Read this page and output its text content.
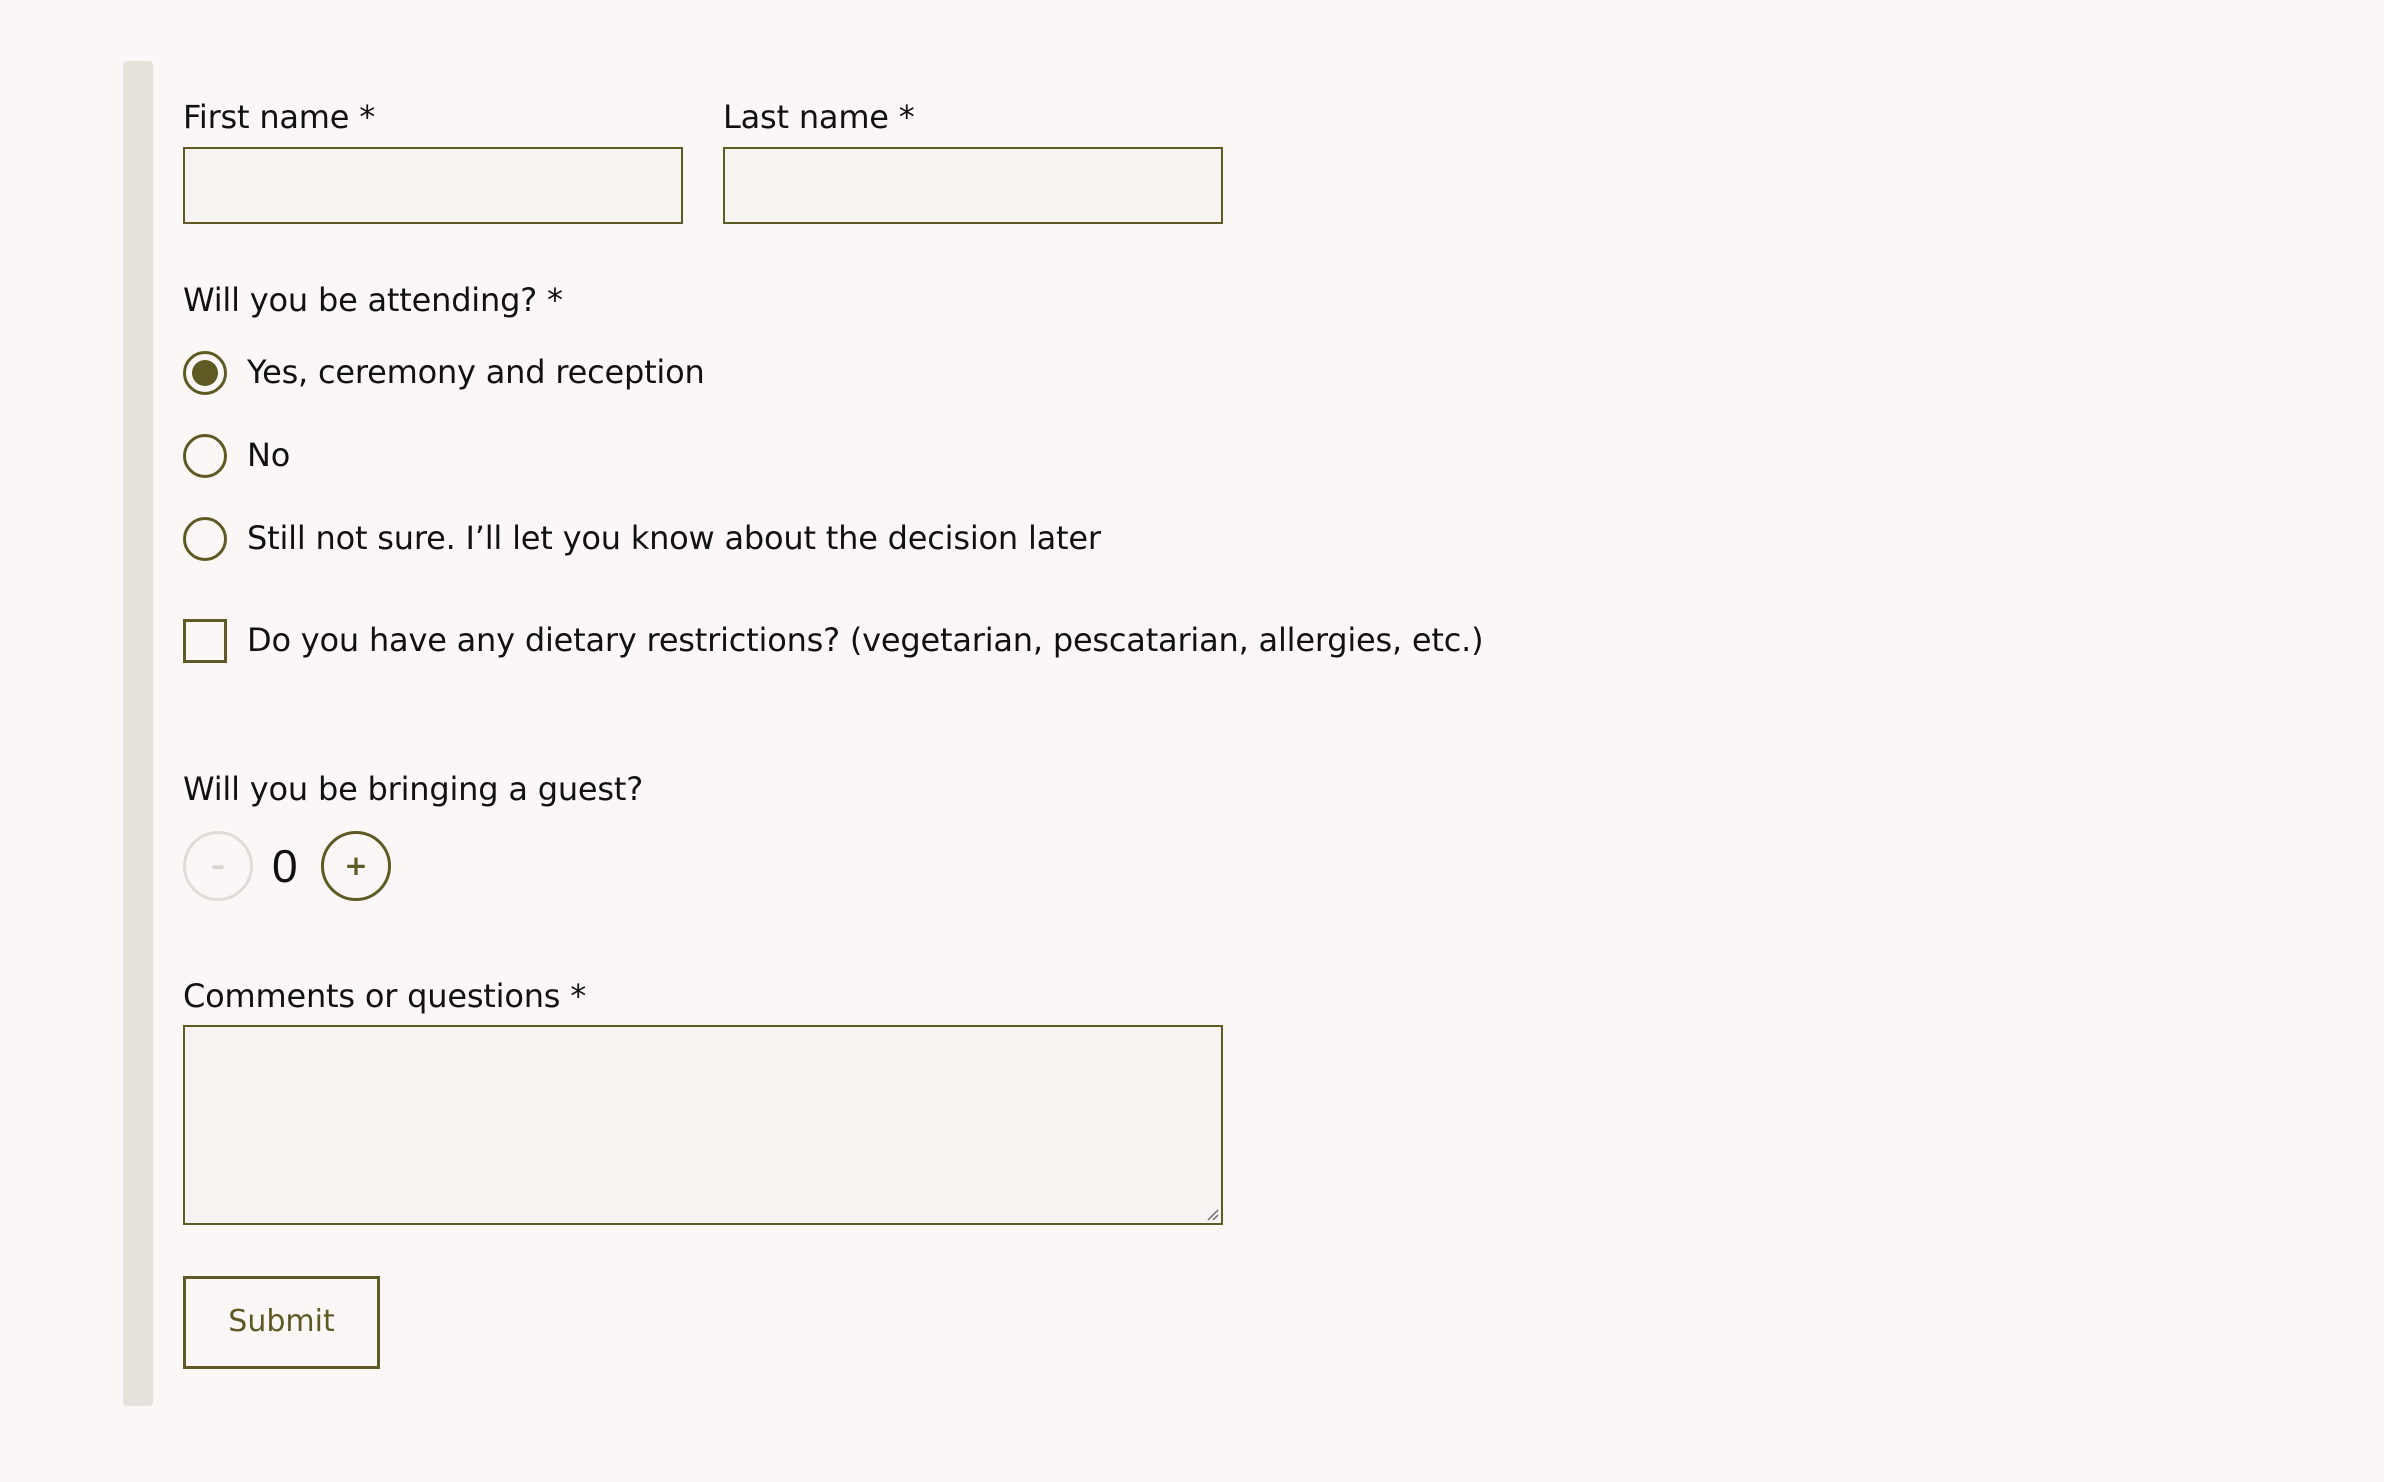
First name *	Last name *
Will you be attending? *
Yes, ceremony and reception
No
Still not sure. I’ll let you know about the decision later
Do you have any dietary restrictions? (vegetarian, pescatarian, allergies, etc.)
Will you be bringing a guest?
–	0	+
Comments or questions *
Submit
